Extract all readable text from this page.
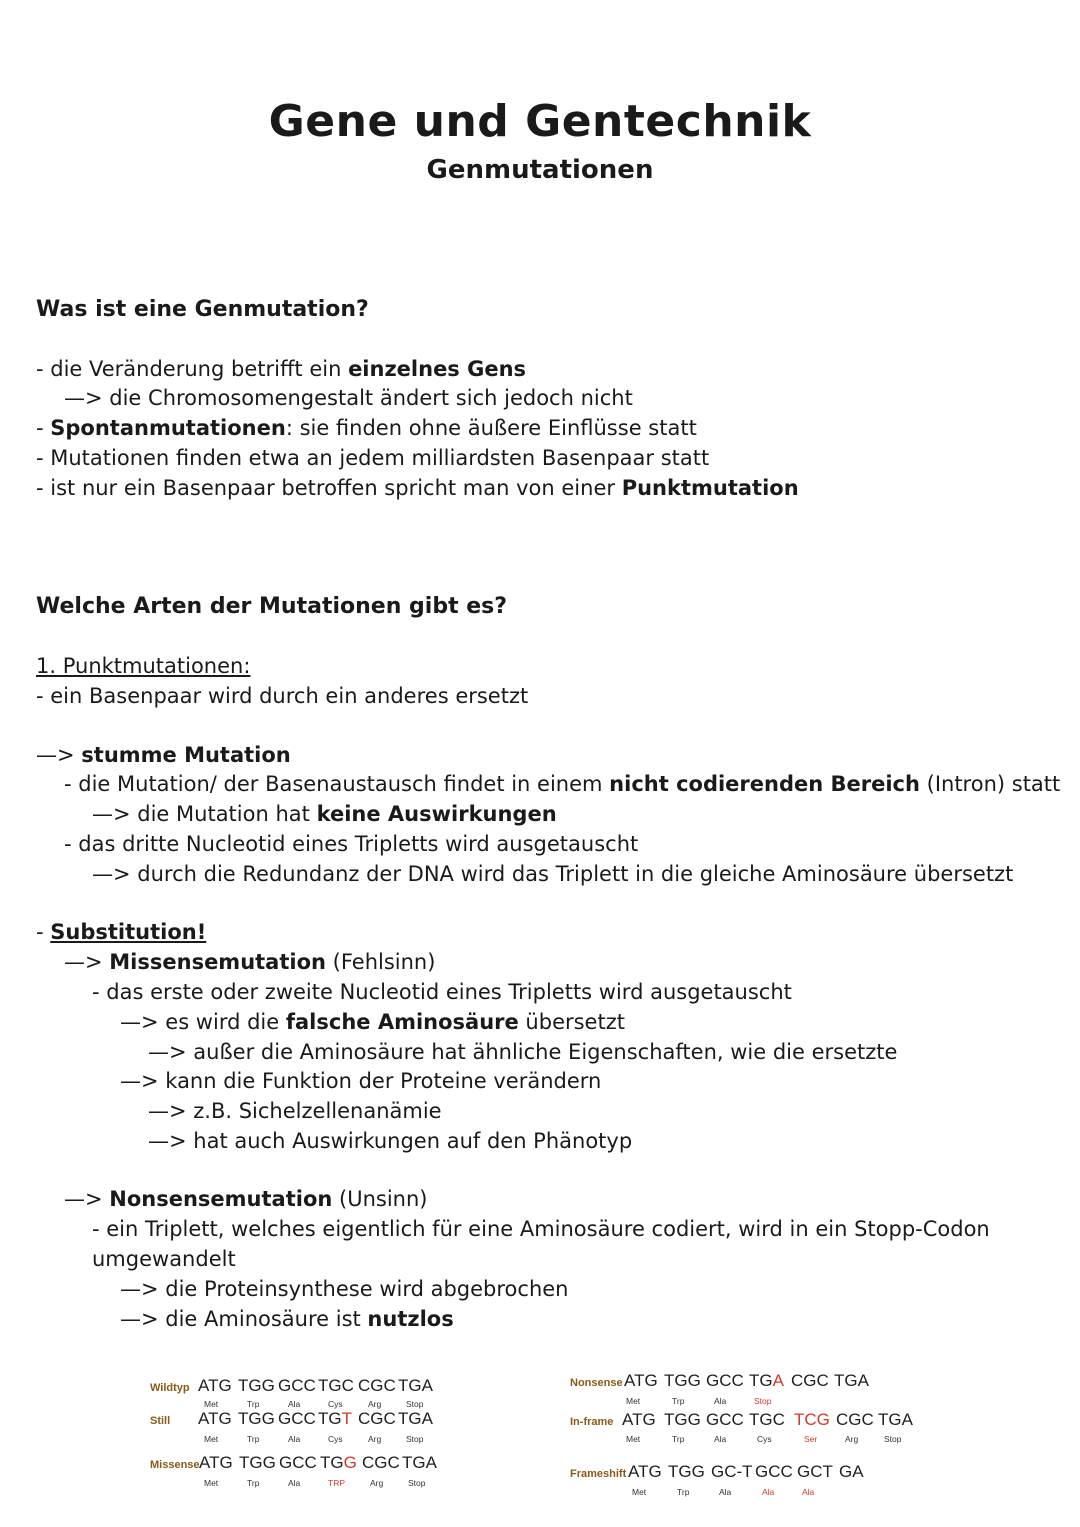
Gene und Gentechnik
Genmutationen
Was ist eine Genmutation?
- die Veränderung betrifft ein einzelnes Gens
—> die Chromosomengestalt ändert sich jedoch nicht
- Spontanmutationen: sie finden ohne äußere Einflüsse statt
- Mutationen finden etwa an jedem milliardsten Basenpaar statt
- ist nur ein Basenpaar betroffen spricht man von einer Punktmutation
Welche Arten der Mutationen gibt es?
1. Punktmutationen:
- ein Basenpaar wird durch ein anderes ersetzt
—> stumme Mutation
- die Mutation/ der Basenaustausch findet in einem nicht codierenden Bereich (Intron) statt
—> die Mutation hat keine Auswirkungen
- das dritte Nucleotid eines Tripletts wird ausgetauscht
—> durch die Redundanz der DNA wird das Triplett in die gleiche Aminosäure übersetzt
- Substitution!
—> Missensemutation (Fehlsinn)
- das erste oder zweite Nucleotid eines Tripletts wird ausgetauscht
—> es wird die falsche Aminosäure übersetzt
—> außer die Aminosäure hat ähnliche Eigenschaften, wie die ersetzte
—> kann die Funktion der Proteine verändern
—> z.B. Sichelzellenanämie
—> hat auch Auswirkungen auf den Phänotyp
—> Nonsensemutation (Unsinn)
- ein Triplett, welches eigentlich für eine Aminosäure codiert, wird in ein Stopp-Codon
umgewandelt
—> die Proteinsynthese wird abgebrochen
—> die Aminosäure ist nutzlos
Wildtyp ATG TGG GCC TGC CGC TGA
Met	Trp	Ala	Cys	Arg	Stop
Still ATG TGG GCC TGT CGC TGA
Met	Trp	Ala	Cys	Arg	Stop
Missense ATG TGG GCC TGG CGC TGA
Met	Trp	Ala	TRP	Arg	Stop
Nonsense ATG TGG GCC TGA CGC TGA
Met	Trp	Ala	Stop
In-frame ATG TGG GCC TGC TCG CGC TGA
Met	Trp	Ala	Cys	Ser	Arg	Stop
Frameshift ATG TGG GC-T GCC GCT GA
Met	Trp	Ala	Ala	Ala
